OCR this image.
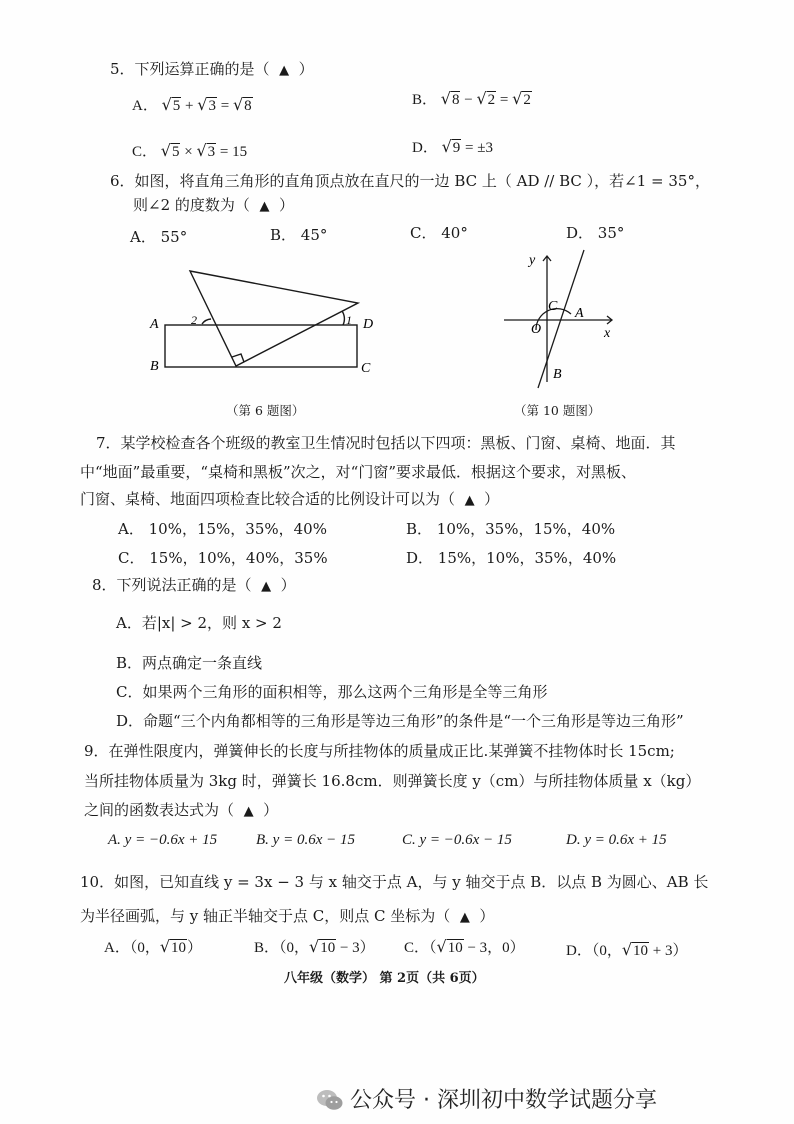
5．下列运算正确的是（ ▲ ）
A． √5 + √3 = √8	B． √8 − √2 = √2
C． √5 × √3 = 15	D． √9 = ±3
6．如图，将直角三角形的直角顶点放在直尺的一边 BC 上（ AD // BC ），若∠1 = 35°，
则∠2 的度数为（ ▲ ）
A． 55°	B． 45°	C． 40°	D． 35°
A
B	C
D
1
2
（第 6 题图）
y
x
O
C A
B
（第 10 题图）
7．某学校检查各个班级的教室卫生情况时包括以下四项：黑板、门窗、桌椅、地面．其
中“地面”最重要，“桌椅和黑板”次之，对“门窗”要求最低．根据这个要求，对黑板、
门窗、桌椅、地面四项检查比较合适的比例设计可以为（ ▲ ）
A． 10%，15%，35%，40%	B． 10%，35%，15%，40%
C． 15%，10%，40%，35%	D． 15%，10%，35%，40%
8．下列说法正确的是（ ▲ ）
A．若|x| > 2，则 x > 2
B．两点确定一条直线
C．如果两个三角形的面积相等，那么这两个三角形是全等三角形
D．命题“三个内角都相等的三角形是等边三角形”的条件是“一个三角形是等边三角形”
9．在弹性限度内，弹簧伸长的长度与所挂物体的质量成正比.某弹簧不挂物体时长 15cm;
当所挂物体质量为 3kg 时，弹簧长 16.8cm．则弹簧长度 y（cm）与所挂物体质量 x（kg）
之间的函数表达式为（ ▲ ）
A. y = −0.6x + 15	B. y = 0.6x − 15	C. y = −0.6x − 15	D. y = 0.6x + 15
10．如图，已知直线 y = 3x − 3 与 x 轴交于点 A，与 y 轴交于点 B．以点 B 为圆心、AB 长
为半径画弧，与 y 轴正半轴交于点 C，则点 C 坐标为（ ▲ ）
A．（0，√10）	B．（0，√10 − 3） C．（√10 − 3，0）	D．（0，√10 + 3）
八年级（数学） 第 2页（共 6页）
公众号 · 深圳初中数学试题分享
